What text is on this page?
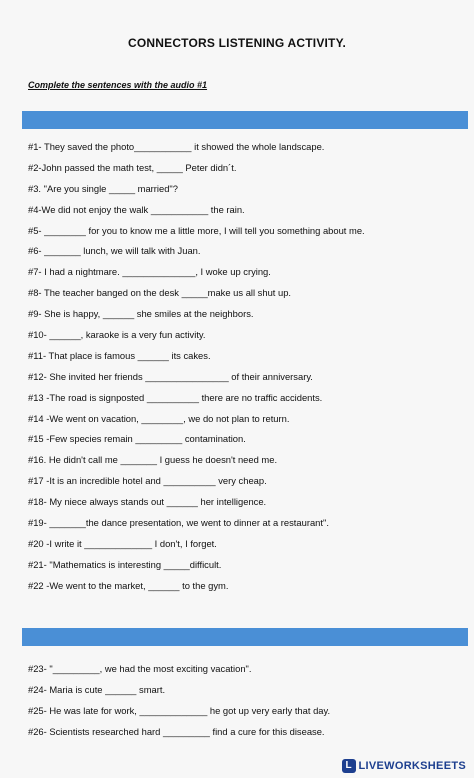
CONNECTORS LISTENING ACTIVITY.
Complete the sentences with the audio #1
#1- They saved the photo___________ it showed the whole landscape.
#2-John passed the math test, _____ Peter didn´t.
#3. "Are you single _____ married"?
#4-We did not enjoy the walk ___________ the rain.
#5- ________ for you to know me a little more, I will tell you something about me.
#6- _______ lunch, we will talk with Juan.
#7- I had a nightmare. ______________, I woke up crying.
#8- The teacher banged on the desk _____make us all shut up.
#9- She is happy, ______ she smiles at the neighbors.
#10- ______, karaoke is a very fun activity.
#11- That place is famous ______ its cakes.
#12- She invited her friends ________________ of their anniversary.
#13 -The road is signposted __________ there are no traffic accidents.
#14 -We went on vacation, ________, we do not plan to return.
#15 -Few species remain _________ contamination.
#16. He didn't call me _______ I guess he doesn't need me.
#17 -It is an incredible hotel and __________ very cheap.
#18- My niece always stands out ______ her intelligence.
#19- _______the dance presentation, we went to dinner at a restaurant".
#20 -I write it _____________ I don't, I forget.
#21- "Mathematics is interesting _____difficult.
#22 -We went to the market, ______ to the gym.
#23- "_________, we had the most exciting vacation".
#24- Maria is cute ______ smart.
#25- He was late for work, _____________ he got up very early that day.
#26- Scientists researched hard _________ find a cure for this disease.
L LIVEWORKSHEETS
